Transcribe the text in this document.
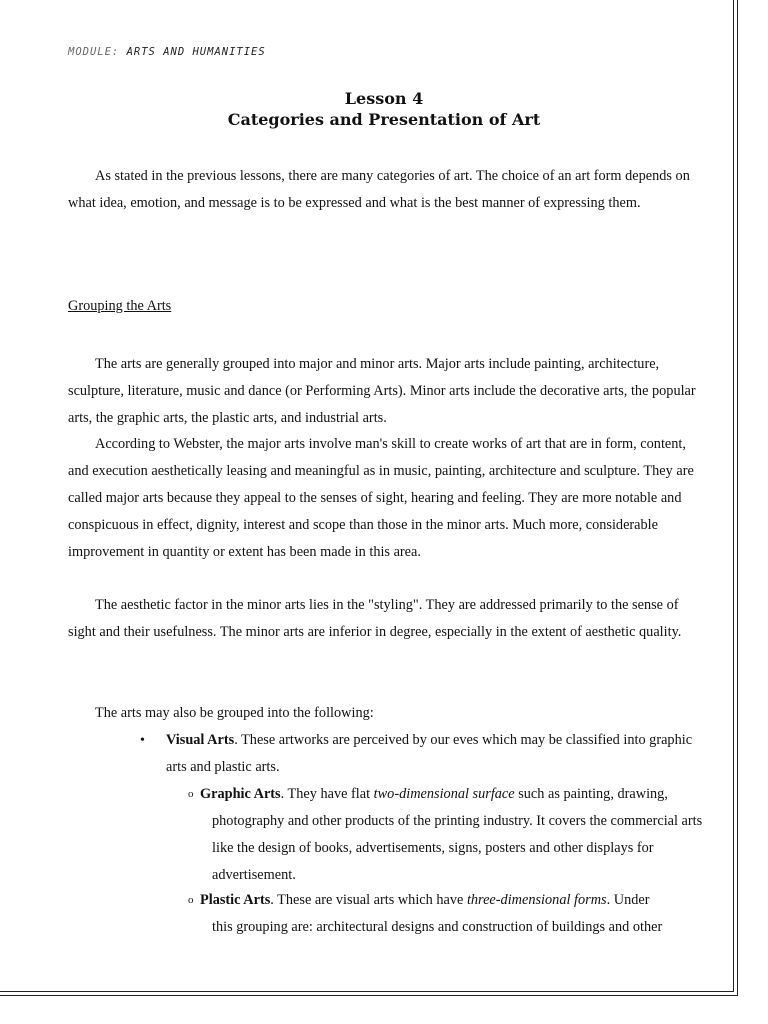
MODULE: ARTS AND HUMANITIES
Lesson 4
Categories and Presentation of Art
As stated in the previous lessons, there are many categories of art. The choice of an art form depends on what idea, emotion, and message is to be expressed and what is the best manner of expressing them.
Grouping the Arts
The arts are generally grouped into major and minor arts. Major arts include painting, architecture, sculpture, literature, music and dance (or Performing Arts). Minor arts include the decorative arts, the popular arts, the graphic arts, the plastic arts, and industrial arts.
According to Webster, the major arts involve man's skill to create works of art that are in form, content, and execution aesthetically leasing and meaningful as in music, painting, architecture and sculpture. They are called major arts because they appeal to the senses of sight, hearing and feeling. They are more notable and conspicuous in effect, dignity, interest and scope than those in the minor arts. Much more, considerable improvement in quantity or extent has been made in this area.
The aesthetic factor in the minor arts lies in the "styling". They are addressed primarily to the sense of sight and their usefulness. The minor arts are inferior in degree, especially in the extent of aesthetic quality.
The arts may also be grouped into the following:
• Visual Arts. These artworks are perceived by our eves which may be classified into graphic arts and plastic arts.
o Graphic Arts. They have flat two-dimensional surface such as painting, drawing,
photography and other products of the printing industry. It covers the commercial arts like the design of books, advertisements, signs, posters and other displays for advertisement.
o Plastic Arts. These are visual arts which have three-dimensional forms. Under
this grouping are: architectural designs and construction of buildings and other
